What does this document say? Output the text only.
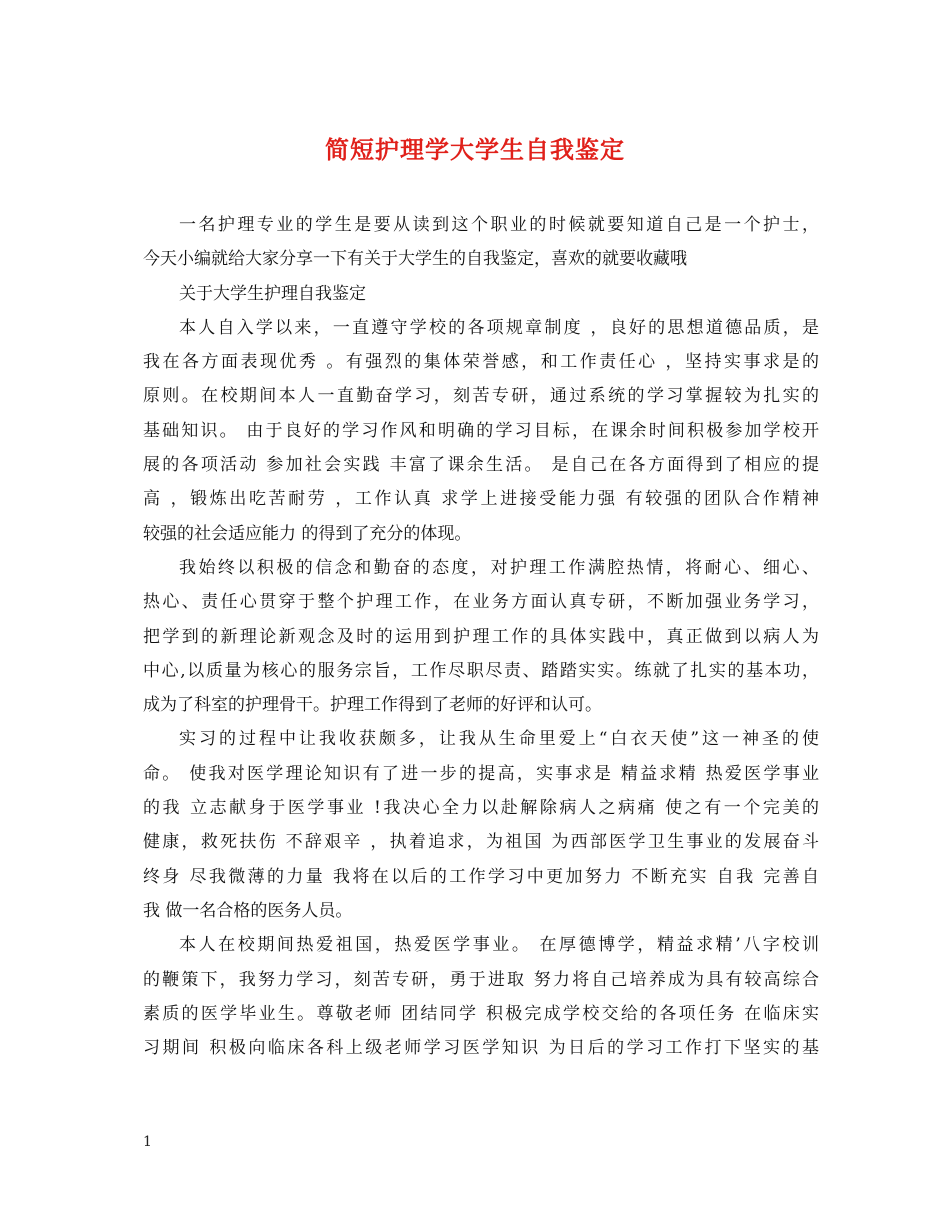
简短护理学大学生自我鉴定
一名护理专业的学生是要从读到这个职业的时候就要知道自己是一个护士，
今天小编就给大家分享一下有关于大学生的自我鉴定，喜欢的就要收藏哦
关于大学生护理自我鉴定
本人自入学以来，一直遵守学校的各项规章制度 ，良好的思想道德品质，是
我在各方面表现优秀 。有强烈的集体荣誉感，和工作责任心 ，坚持实事求是的
原则。在校期间本人一直勤奋学习，刻苦专研，通过系统的学习掌握较为扎实的
基础知识。 由于良好的学习作风和明确的学习目标，在课余时间积极参加学校开
展的各项活动 参加社会实践 丰富了课余生活。 是自己在各方面得到了相应的提
高 ，锻炼出吃苦耐劳 ，工作认真 求学上进接受能力强 有较强的团队合作精神
较强的社会适应能力 的得到了充分的体现。
我始终以积极的信念和勤奋的态度，对护理工作满腔热情，将耐心、细心、
热心、责任心贯穿于整个护理工作，在业务方面认真专研，不断加强业务学习，
把学到的新理论新观念及时的运用到护理工作的具体实践中，真正做到以病人为
中心,以质量为核心的服务宗旨，工作尽职尽责、踏踏实实。练就了扎实的基本功，
成为了科室的护理骨干。护理工作得到了老师的好评和认可。
实习的过程中让我收获颇多，让我从生命里爱上“白衣天使”这一神圣的使
命。 使我对医学理论知识有了进一步的提高，实事求是 精益求精 热爱医学事业
的我 立志献身于医学事业 !我决心全力以赴解除病人之病痛 使之有一个完美的
健康，救死扶伤 不辞艰辛 ，执着追求，为祖国 为西部医学卫生事业的发展奋斗
终身 尽我微薄的力量 我将在以后的工作学习中更加努力 不断充实 自我 完善自
我 做一名合格的医务人员。
本人在校期间热爱祖国，热爱医学事业。 在厚德博学，精益求精’八字校训
的鞭策下，我努力学习，刻苦专研，勇于进取 努力将自己培养成为具有较高综合
素质的医学毕业生。尊敬老师 团结同学 积极完成学校交给的各项任务 在临床实
习期间 积极向临床各科上级老师学习医学知识 为日后的学习工作打下坚实的基
1
